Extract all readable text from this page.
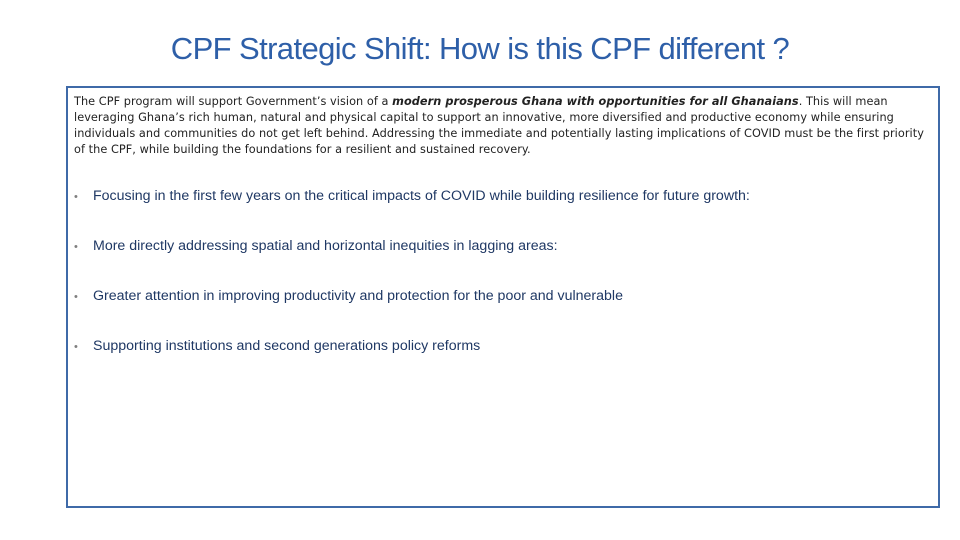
CPF Strategic Shift: How is this CPF different ?

The CPF program will support Government’s vision of a modern prosperous Ghana with opportunities for all Ghanaians. This will mean leveraging Ghana’s rich human, natural and physical capital to support an innovative, more diversified and productive economy while ensuring individuals and communities do not get left behind. Addressing the immediate and potentially lasting implications of COVID must be the first priority of the CPF, while building the foundations for a resilient and sustained recovery.

•	Focusing in the first few years on the critical impacts of COVID while building resilience for future growth:
•	More directly addressing spatial and horizontal inequities in lagging areas:
•	Greater attention in improving productivity and protection for the poor and vulnerable
•	Supporting institutions and second generations policy reforms
